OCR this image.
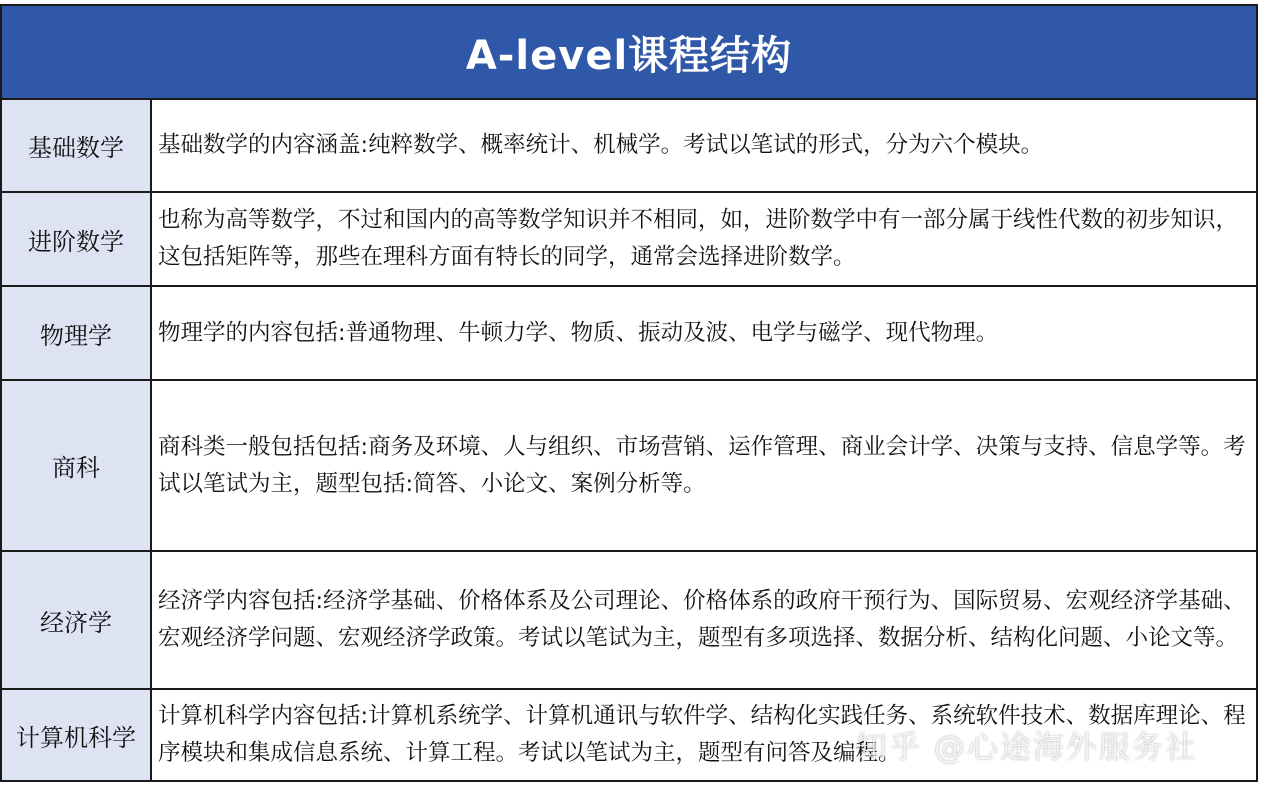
A-level课程结构
基础数学	基础数学的内容涵盖:纯粹数学、概率统计、机械学。考试以笔试的形式，分为六个模块。
进阶数学
也称为高等数学，不过和国内的高等数学知识并不相同，如，进阶数学中有一部分属于线性代数的初步知识，这包括矩阵等，那些在理科方面有特长的同学，通常会选择进阶数学。
物理学	物理学的内容包括:普通物理、牛顿力学、物质、振动及波、电学与磁学、现代物理。
商科
商科类一般包括包括:商务及环境、人与组织、市场营销、运作管理、商业会计学、决策与支持、信息学等。考试以笔试为主，题型包括:简答、小论文、案例分析等。
经济学
经济学内容包括:经济学基础、价格体系及公司理论、价格体系的政府干预行为、国际贸易、宏观经济学基础、宏观经济学问题、宏观经济学政策。考试以笔试为主，题型有多项选择、数据分析、结构化问题、小论文等。
计算机科学
计算机科学内容包括:计算机系统学、计算机通讯与软件学、结构化实践任务、系统软件技术、数据库理论、程序模块和集成信息系统、计算工程。考试以笔试为主，题型有问答及编程。
知乎 @心途海外服务社
